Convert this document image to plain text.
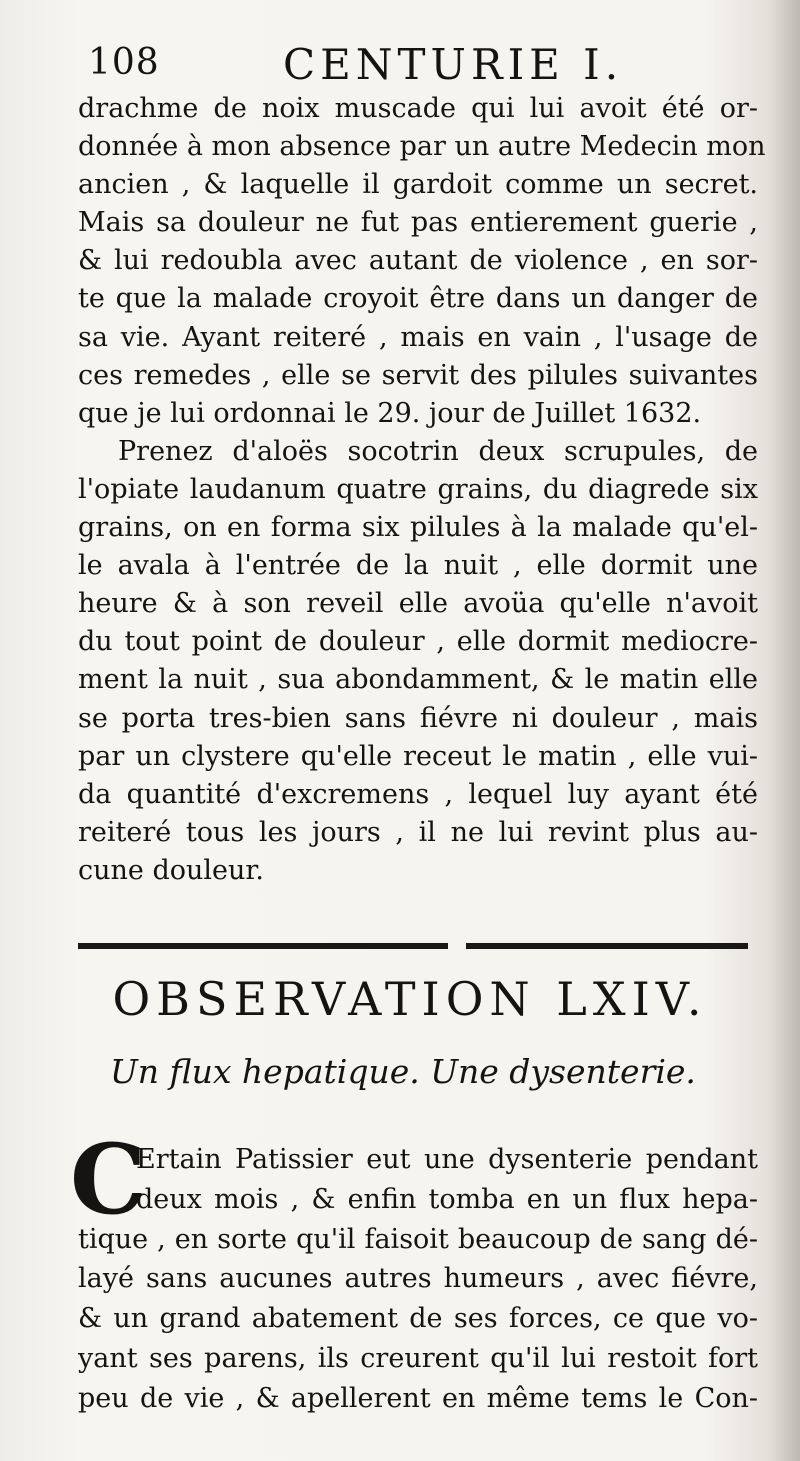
108	CENTURIE I.
drachme de noix muscade qui lui avoit été or-
donnée à mon absence par un autre Medecin mon
ancien , & laquelle il gardoit comme un secret.
Mais sa douleur ne fut pas entierement guerie ,
& lui redoubla avec autant de violence , en sor-
te que la malade croyoit être dans un danger de
sa vie. Ayant reiteré , mais en vain , l'usage de
ces remedes , elle se servit des pilules suivantes
que je lui ordonnai le 29. jour de Juillet 1632.
Prenez d'aloës socotrin deux scrupules, de
l'opiate laudanum quatre grains, du diagrede six
grains, on en forma six pilules à la malade qu'el-
le avala à l'entrée de la nuit , elle dormit une
heure & à son reveil elle avoüa qu'elle n'avoit
du tout point de douleur , elle dormit mediocre-
ment la nuit , sua abondamment, & le matin elle
se porta tres-bien sans fiévre ni douleur , mais
par un clystere qu'elle receut le matin , elle vui-
da quantité d'excremens , lequel luy ayant été
reiteré tous les jours , il ne lui revint plus au-
cune douleur.
OBSERVATION LXIV.
Un flux hepatique. Une dysenterie.
C
Ertain Patissier eut une dysenterie pendant
deux mois , & enfin tomba en un flux hepa-
tique , en sorte qu'il faisoit beaucoup de sang dé-
layé sans aucunes autres humeurs , avec fiévre,
& un grand abatement de ses forces, ce que vo-
yant ses parens, ils creurent qu'il lui restoit fort
peu de vie , & apellerent en même tems le Con-
